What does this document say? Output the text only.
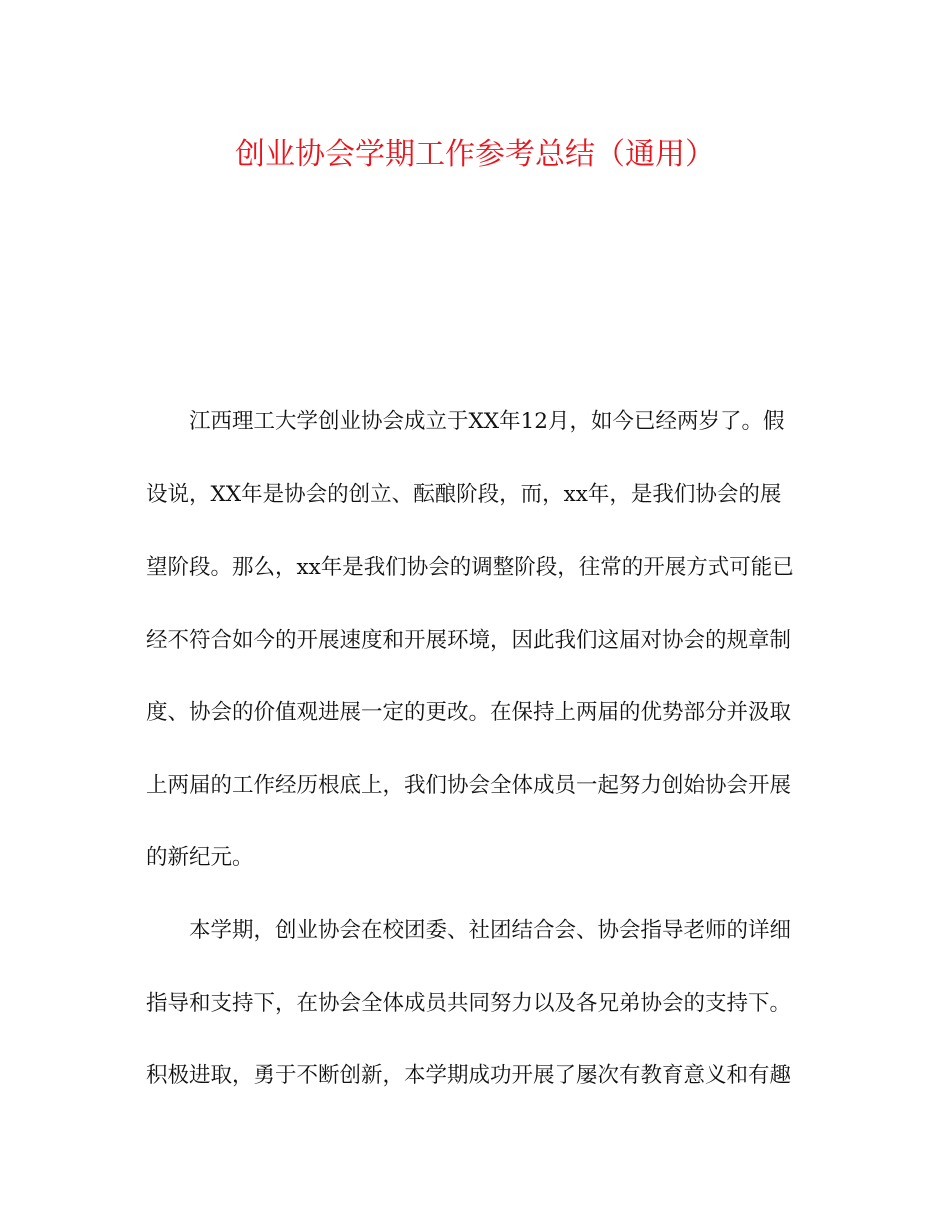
创业协会学期工作参考总结（通用）
江西理工大学创业协会成立于XX年12月，如今已经两岁了。假
设说，XX年是协会的创立、酝酿阶段，而，xx年，是我们协会的展
望阶段。那么，xx年是我们协会的调整阶段，往常的开展方式可能已
经不符合如今的开展速度和开展环境，因此我们这届对协会的规章制
度、协会的价值观进展一定的更改。在保持上两届的优势部分并汲取
上两届的工作经历根底上，我们协会全体成员一起努力创始协会开展
的新纪元。
本学期，创业协会在校团委、社团结合会、协会指导老师的详细
指导和支持下，在协会全体成员共同努力以及各兄弟协会的支持下。
积极进取，勇于不断创新，本学期成功开展了屡次有教育意义和有趣
